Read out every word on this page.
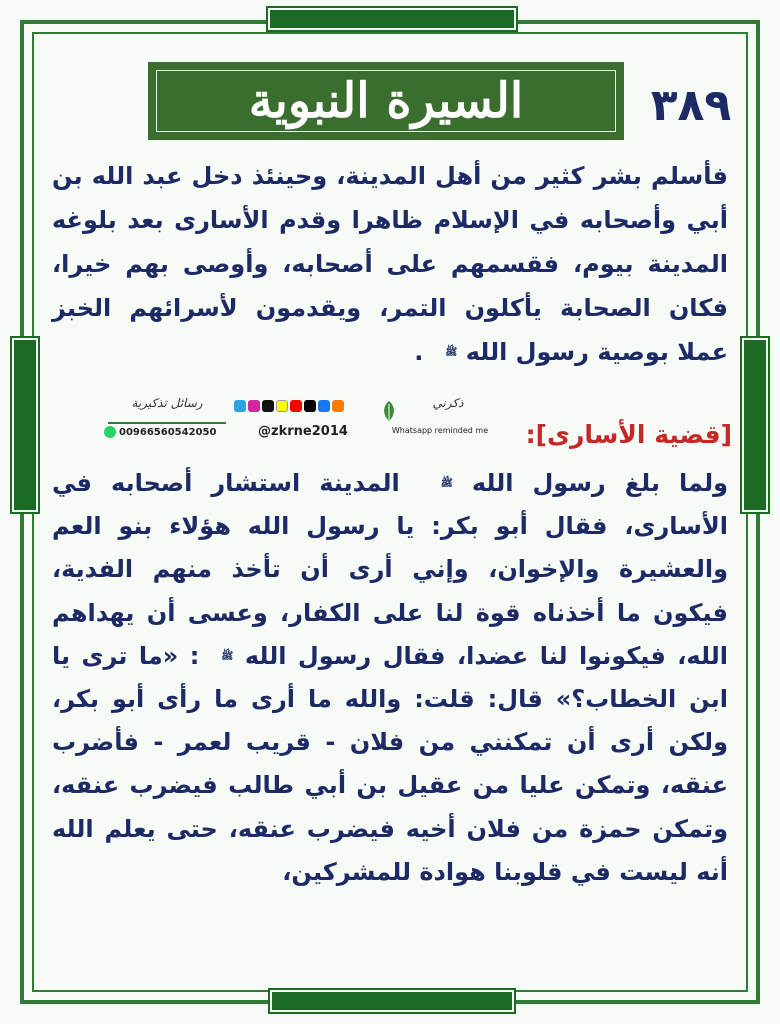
السيرة النبوية	٣٨٩
فأسلم بشر كثير من أهل المدينة، وحينئذ دخل عبد الله بن أبي وأصحابه في الإسلام ظاهرا وقدم الأسارى بعد بلوغه المدينة بيوم، فقسمهم على أصحابه، وأوصى بهم خيرا، فكان الصحابة يأكلون التمر، ويقدمون لأسرائهم الخبز عملا بوصية رسول الله ﷺ.
رسائل تذكيرية
00966560542050	@zkrne2014
ذكرني
Whatsapp reminded me	[قضية الأسارى]:
ولما بلغ رسول الله ﷺ المدينة استشار أصحابه في الأسارى، فقال أبو بكر: يا رسول الله هؤلاء بنو العم والعشيرة والإخوان، وإني أرى أن تأخذ منهم الفدية، فيكون ما أخذناه قوة لنا على الكفار، وعسى أن يهداهم الله، فيكونوا لنا عضدا، فقال رسول الله ﷺ: «ما ترى يا ابن الخطاب؟» قال: قلت: والله ما أرى ما رأى أبو بكر، ولكن أرى أن تمكنني من فلان - قريب لعمر - فأضرب عنقه، وتمكن عليا من عقيل بن أبي طالب فيضرب عنقه، وتمكن حمزة من فلان أخيه فيضرب عنقه، حتى يعلم الله أنه ليست في قلوبنا هوادة للمشركين،
